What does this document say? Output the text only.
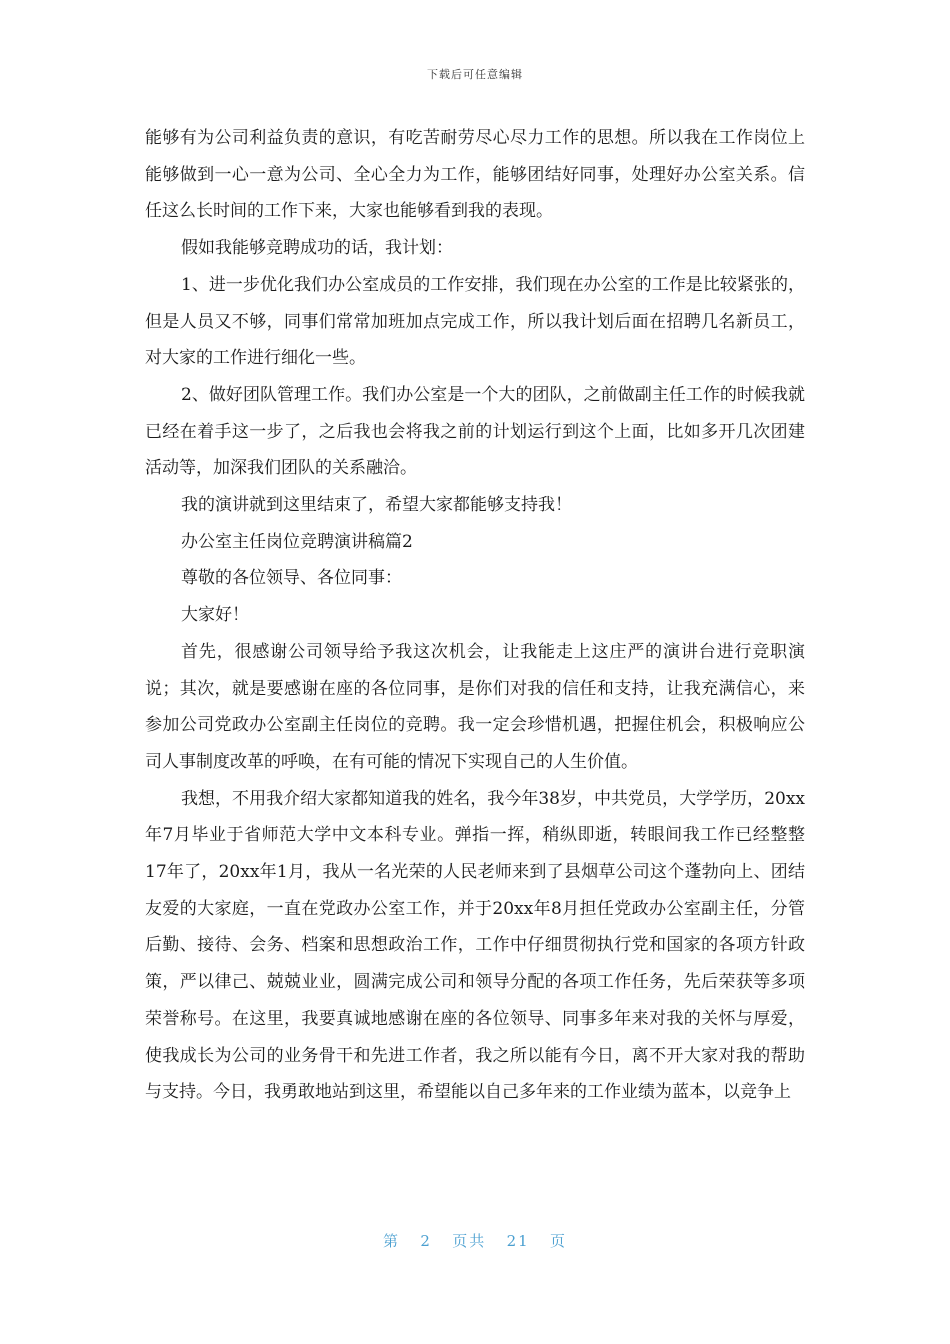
下载后可任意编辑

能够有为公司利益负责的意识，有吃苦耐劳尽心尽力工作的思想。所以我在工作岗位上能够做到一心一意为公司、全心全力为工作，能够团结好同事，处理好办公室关系。信任这么长时间的工作下来，大家也能够看到我的表现。

假如我能够竞聘成功的话，我计划：

1、进一步优化我们办公室成员的工作安排，我们现在办公室的工作是比较紧张的，但是人员又不够，同事们常常加班加点完成工作，所以我计划后面在招聘几名新员工，对大家的工作进行细化一些。

2、做好团队管理工作。我们办公室是一个大的团队，之前做副主任工作的时候我就已经在着手这一步了，之后我也会将我之前的计划运行到这个上面，比如多开几次团建活动等，加深我们团队的关系融洽。

我的演讲就到这里结束了，希望大家都能够支持我！

办公室主任岗位竞聘演讲稿篇2

尊敬的各位领导、各位同事：

大家好！

首先，很感谢公司领导给予我这次机会，让我能走上这庄严的演讲台进行竞职演说；其次，就是要感谢在座的各位同事，是你们对我的信任和支持，让我充满信心，来参加公司党政办公室副主任岗位的竞聘。我一定会珍惜机遇，把握住机会，积极响应公司人事制度改革的呼唤，在有可能的情况下实现自己的人生价值。

我想，不用我介绍大家都知道我的姓名，我今年38岁，中共党员，大学学历，20xx年7月毕业于省师范大学中文本科专业。弹指一挥，稍纵即逝，转眼间我工作已经整整17年了，20xx年1月，我从一名光荣的人民老师来到了县烟草公司这个蓬勃向上、团结友爱的大家庭，一直在党政办公室工作，并于20xx年8月担任党政办公室副主任，分管后勤、接待、会务、档案和思想政治工作，工作中仔细贯彻执行党和国家的各项方针政策，严以律己、兢兢业业，圆满完成公司和领导分配的各项工作任务，先后荣获等多项荣誉称号。在这里，我要真诚地感谢在座的各位领导、同事多年来对我的关怀与厚爱，使我成长为公司的业务骨干和先进工作者，我之所以能有今日，离不开大家对我的帮助与支持。今日，我勇敢地站到这里，希望能以自己多年来的工作业绩为蓝本，以竞争上

第 2 页共 21 页
